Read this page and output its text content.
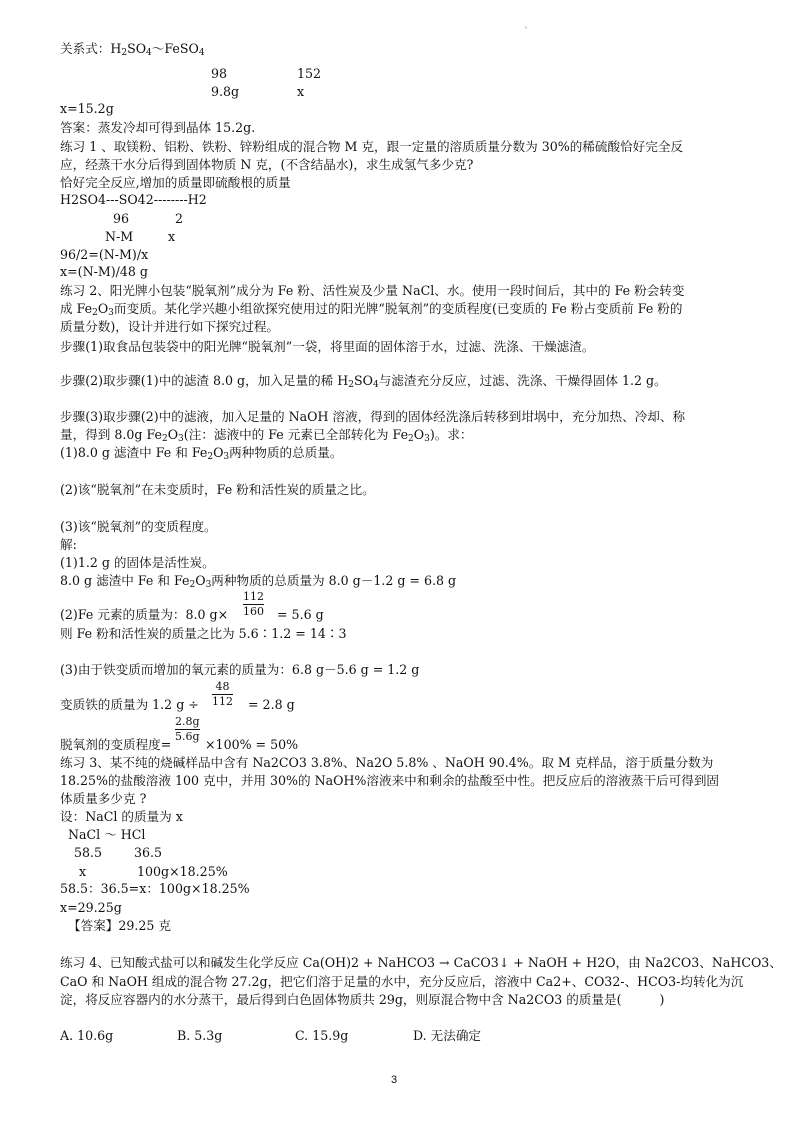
'
关系式：$H_2SO_4\sim FeSO_4$
98	152
9.8g	x
x=15.2g
答案：蒸发冷却可得到晶体 15.2g.
练习 1 、取镁粉、铝粉、铁粉、锌粉组成的混合物 M 克，跟一定量的溶质质量分数为 30%的稀硫酸恰好完全反
应，经蒸干水分后得到固体物质 N 克，(不含结晶水)，求生成氢气多少克?
恰好完全反应,增加的质量即硫酸根的质量
H2SO4---SO42--------H2
96	2
N-M	x
96/2=(N-M)/x
x=(N-M)/48 g
练习 2、阳光牌小包装“脱氧剂”成分为 Fe 粉、活性炭及少量 NaCl、水。使用一段时间后，其中的 Fe 粉会转变
成 $Fe_2O_3$而变质。某化学兴趣小组欲探究使用过的阳光牌“脱氧剂”的变质程度(已变质的 Fe 粉占变质前 Fe 粉的
质量分数)，设计并进行如下探究过程。
步骤(1)取食品包装袋中的阳光牌“脱氧剂”一袋，将里面的固体溶于水，过滤、洗涤、干燥滤渣。
步骤(2)取步骤(1)中的滤渣 8.0 g，加入足量的稀 $H_2SO_4$与滤渣充分反应，过滤、洗涤、干燥得固体 1.2 g。
步骤(3)取步骤(2)中的滤液，加入足量的 NaOH 溶液，得到的固体经洗涤后转移到坩埚中，充分加热、冷却、称
量，得到 8.0g $Fe_2O_3$(注：滤液中的 Fe 元素已全部转化为 $Fe_2O_3$)。求：
(1)8.0 g 滤渣中 Fe 和 $Fe_2O_3$两种物质的总质量。
(2)该“脱氧剂”在未变质时，Fe 粉和活性炭的质量之比。
(3)该“脱氧剂”的变质程度。
解:
(1)1.2 g 的固体是活性炭。
8.0 g 滤渣中 Fe 和 $Fe_2O_3$两种物质的总质量为 8.0 g－1.2 g = 6.8 g
(2)Fe 元素的质量为：8.0 g×
112
160 = 5.6 g
则 Fe 粉和活性炭的质量之比为 5.6∶1.2 = 14∶3
(3)由于铁变质而增加的氧元素的质量为：6.8 g－5.6 g = 1.2 g
变质铁的质量为 1.2 g ÷
48
112 = 2.8 g
脱氧剂的变质程度=
2.8g
5.6g
×100% = 50%
练习 3、某不纯的烧碱样品中含有 Na2CO3 3.8%、Na2O 5.8% 、NaOH 90.4%。取 M 克样品，溶于质量分数为
18.25%的盐酸溶液 100 克中，并用 30%的 NaOH%溶液来中和剩余的盐酸至中性。把反应后的溶液蒸干后可得到固
体质量多少克 ?
设：NaCl 的质量为 x
NaCl ～ HCl
58.5	36.5
x	100g×18.25%
58.5：36.5=x：100g×18.25%
x=29.25g
【答案】29.25 克
练习 4、已知酸式盐可以和碱发生化学反应 Ca(OH)2 + NaHCO3 → CaCO3↓ + NaOH + H2O，由 Na2CO3、NaHCO3、
CaO 和 NaOH 组成的混合物 27.2g，把它们溶于足量的水中，充分反应后，溶液中 Ca2+、CO32-、HCO3-均转化为沉
淀，将反应容器内的水分蒸干，最后得到白色固体物质共 29g，则原混合物中含 Na2CO3 的质量是(	)
A. 10.6g	B. 5.3g	C. 15.9g	D. 无法确定
3
